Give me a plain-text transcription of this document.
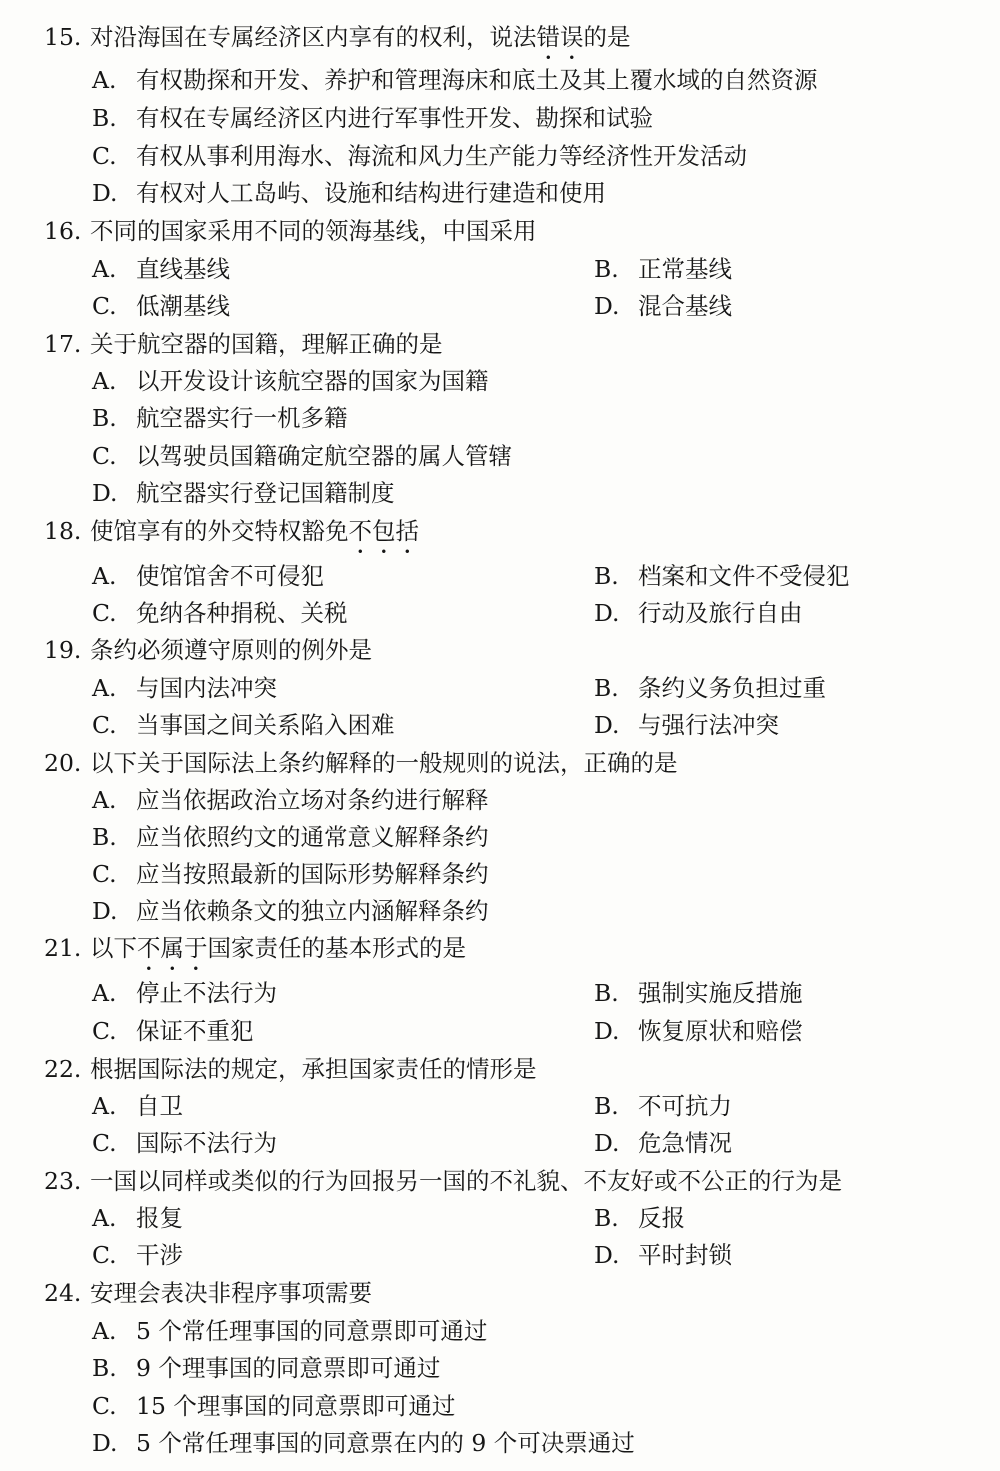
15. 对沿海国在专属经济区内享有的权利，说法错误的是
A. 有权勘探和开发、养护和管理海床和底土及其上覆水域的自然资源
B. 有权在专属经济区内进行军事性开发、勘探和试验
C. 有权从事利用海水、海流和风力生产能力等经济性开发活动
D. 有权对人工岛屿、设施和结构进行建造和使用
16. 不同的国家采用不同的领海基线，中国采用
A. 直线基线	B. 正常基线
C. 低潮基线	D. 混合基线
17. 关于航空器的国籍，理解正确的是
A. 以开发设计该航空器的国家为国籍
B. 航空器实行一机多籍
C. 以驾驶员国籍确定航空器的属人管辖
D. 航空器实行登记国籍制度
18. 使馆享有的外交特权豁免不包括
A. 使馆馆舍不可侵犯	B. 档案和文件不受侵犯
C. 免纳各种捐税、关税	D. 行动及旅行自由
19. 条约必须遵守原则的例外是
A. 与国内法冲突	B. 条约义务负担过重
C. 当事国之间关系陷入困难	D. 与强行法冲突
20. 以下关于国际法上条约解释的一般规则的说法，正确的是
A. 应当依据政治立场对条约进行解释
B. 应当依照约文的通常意义解释条约
C. 应当按照最新的国际形势解释条约
D. 应当依赖条文的独立内涵解释条约
21. 以下不属于国家责任的基本形式的是
A. 停止不法行为	B. 强制实施反措施
C. 保证不重犯	D. 恢复原状和赔偿
22. 根据国际法的规定，承担国家责任的情形是
A. 自卫	B. 不可抗力
C. 国际不法行为	D. 危急情况
23. 一国以同样或类似的行为回报另一国的不礼貌、不友好或不公正的行为是
A. 报复	B. 反报
C. 干涉	D. 平时封锁
24. 安理会表决非程序事项需要
A. 5 个常任理事国的同意票即可通过
B. 9 个理事国的同意票即可通过
C. 15 个理事国的同意票即可通过
D. 5 个常任理事国的同意票在内的 9 个可决票通过
